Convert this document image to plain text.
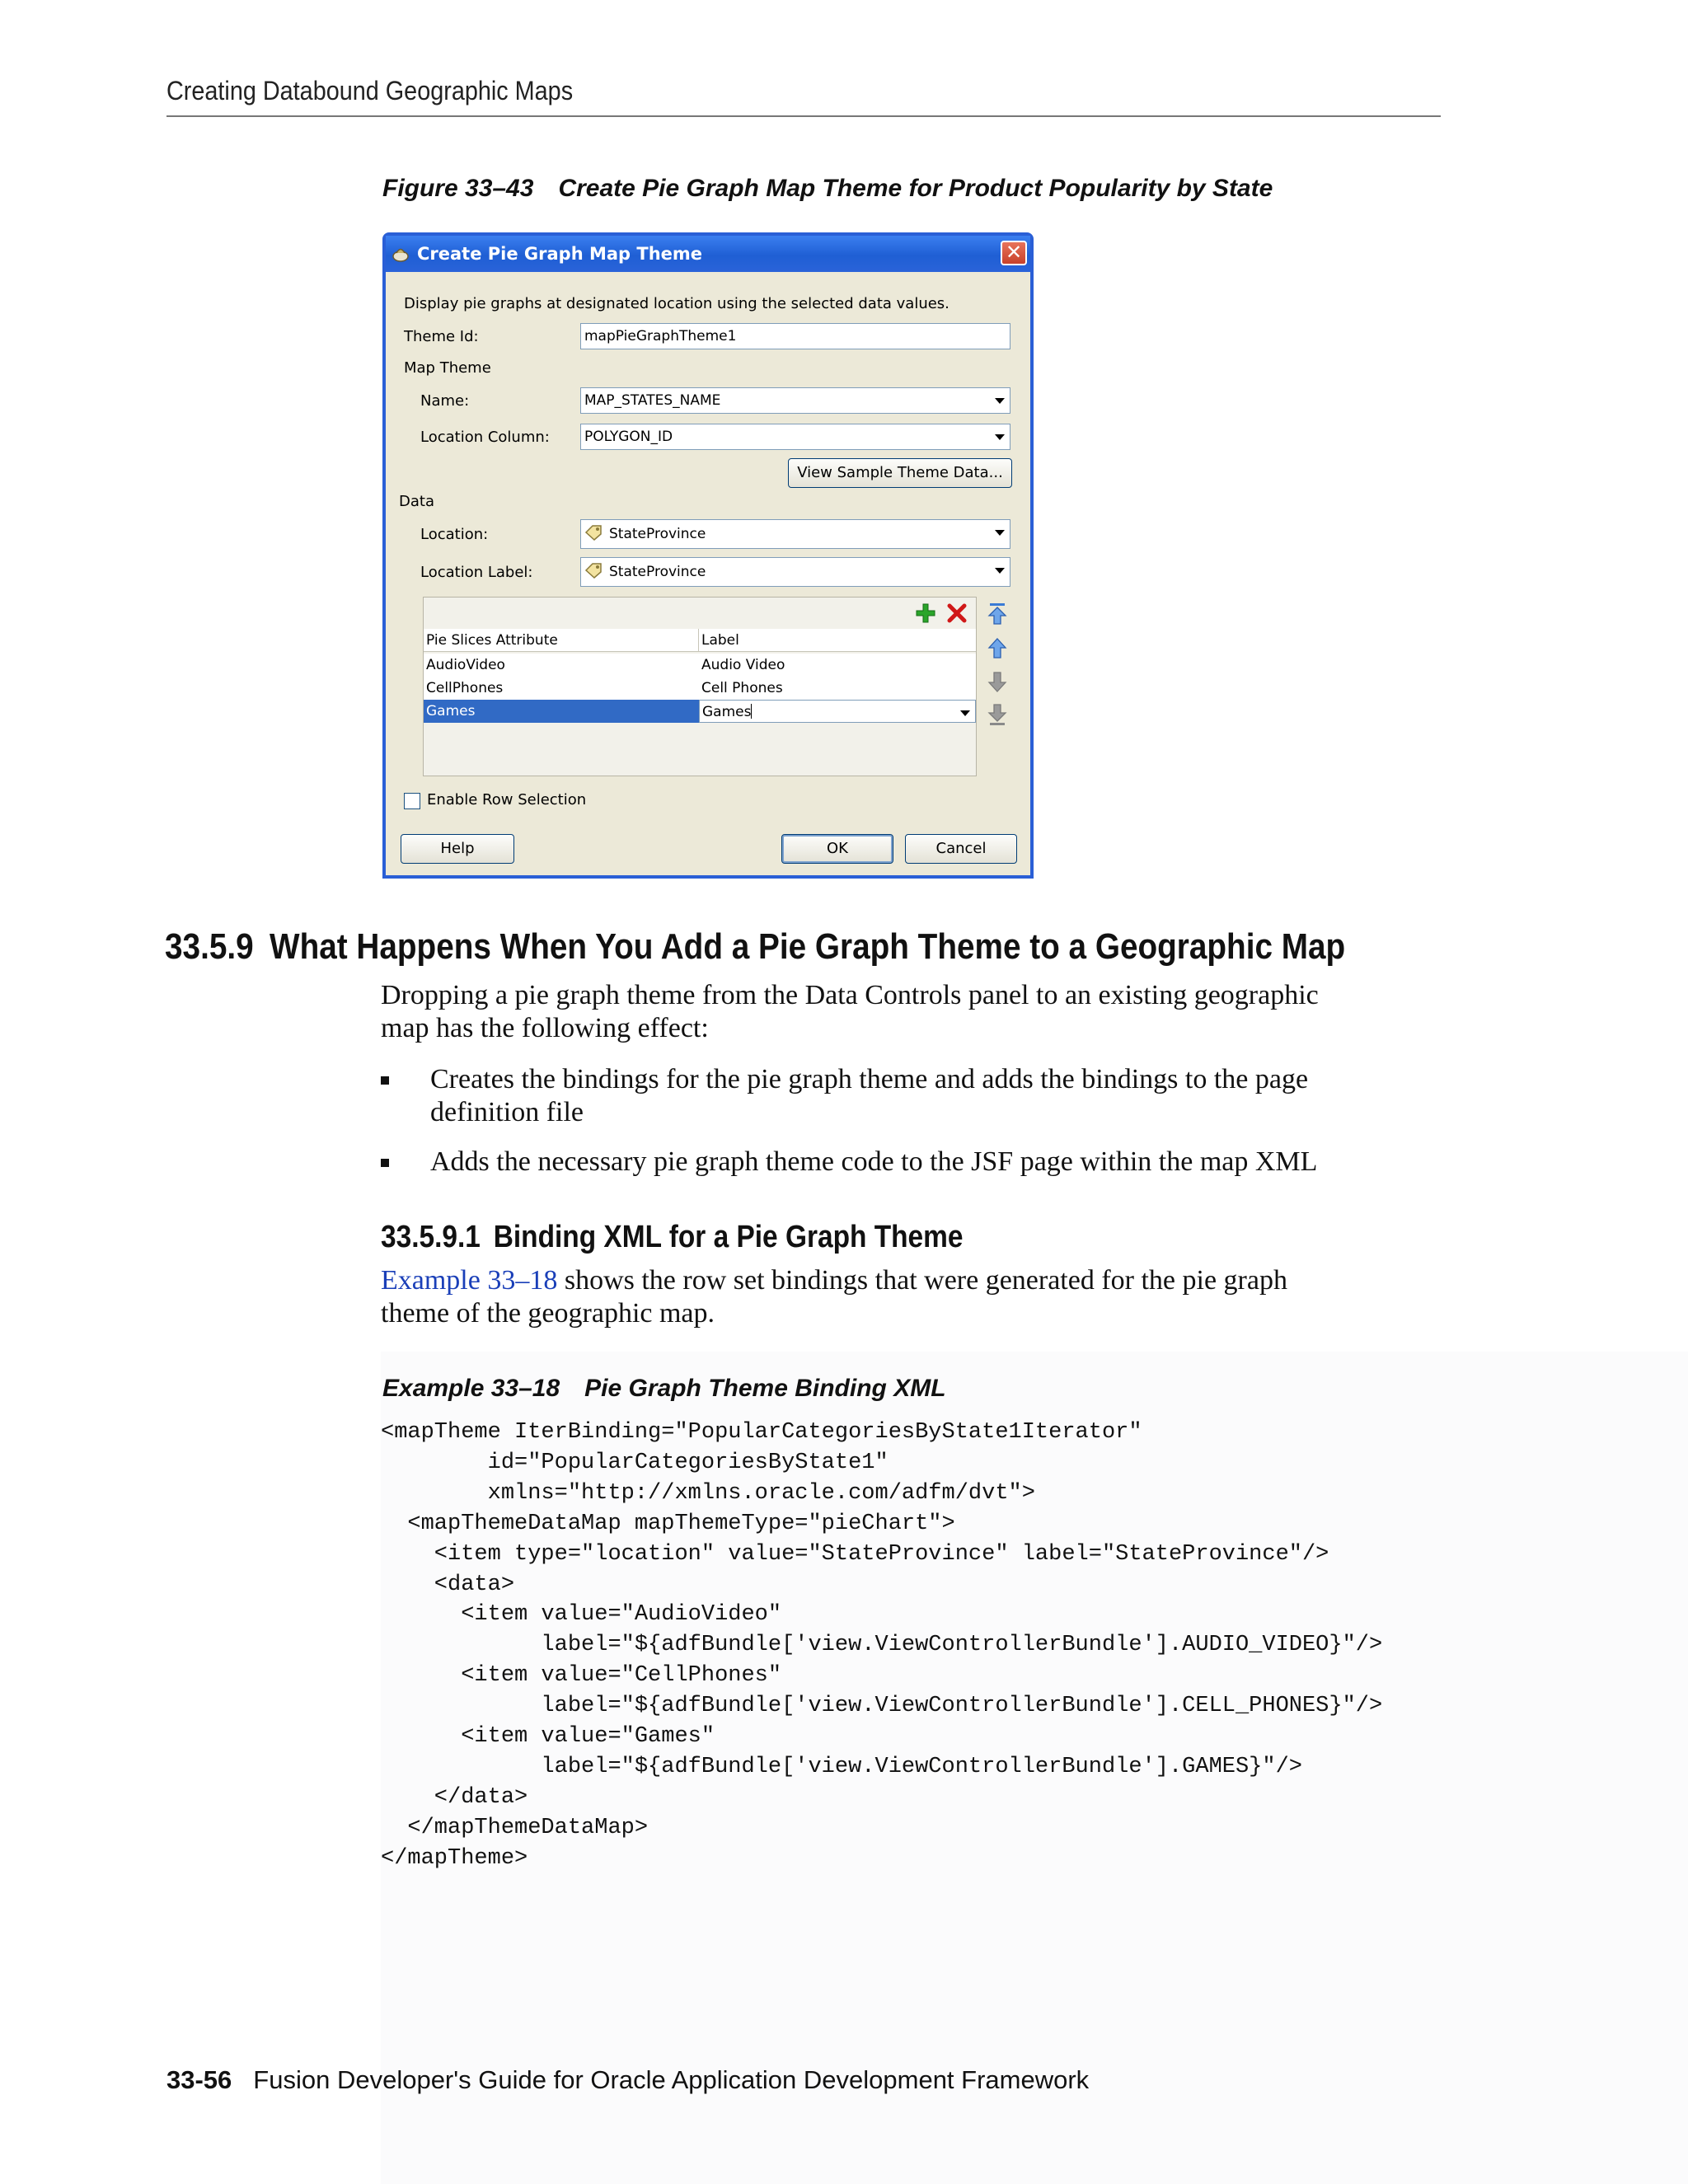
Creating Databound Geographic Maps
Figure 33–43 Create Pie Graph Map Theme for Product Popularity by State
Create Pie Graph Map Theme	✕
Display pie graphs at designated location using the selected data values.
Theme Id:	mapPieGraphTheme1
Map Theme
Name:	MAP_STATES_NAME
Location Column: POLYGON_ID
View Sample Theme Data...
Data
Location:	StateProvince
Location Label:	StateProvince
Pie Slices Attribute	Label
AudioVideo	Audio Video
CellPhones	Cell Phones
Games	Games
Enable Row Selection
Help	OK	Cancel
33.5.9 What Happens When You Add a Pie Graph Theme to a Geographic Map
Dropping a pie graph theme from the Data Controls panel to an existing geographic
map has the following effect:
Creates the bindings for the pie graph theme and adds the bindings to the page
definition file
Adds the necessary pie graph theme code to the JSF page within the map XML
33.5.9.1 Binding XML for a Pie Graph Theme
Example 33–18 shows the row set bindings that were generated for the pie graph
theme of the geographic map.
Example 33–18 Pie Graph Theme Binding XML
<mapTheme IterBinding="PopularCategoriesByState1Iterator"
id="PopularCategoriesByState1"
xmlns="http://xmlns.oracle.com/adfm/dvt">
<mapThemeDataMap mapThemeType="pieChart">
<item type="location" value="StateProvince" label="StateProvince"/>
<data>
<item value="AudioVideo"
label="${adfBundle['view.ViewControllerBundle'].AUDIO_VIDEO}"/>
<item value="CellPhones"
label="${adfBundle['view.ViewControllerBundle'].CELL_PHONES}"/>
<item value="Games"
label="${adfBundle['view.ViewControllerBundle'].GAMES}"/>
</data>
</mapThemeDataMap>
</mapTheme>
33-56 Fusion Developer's Guide for Oracle Application Development Framework
